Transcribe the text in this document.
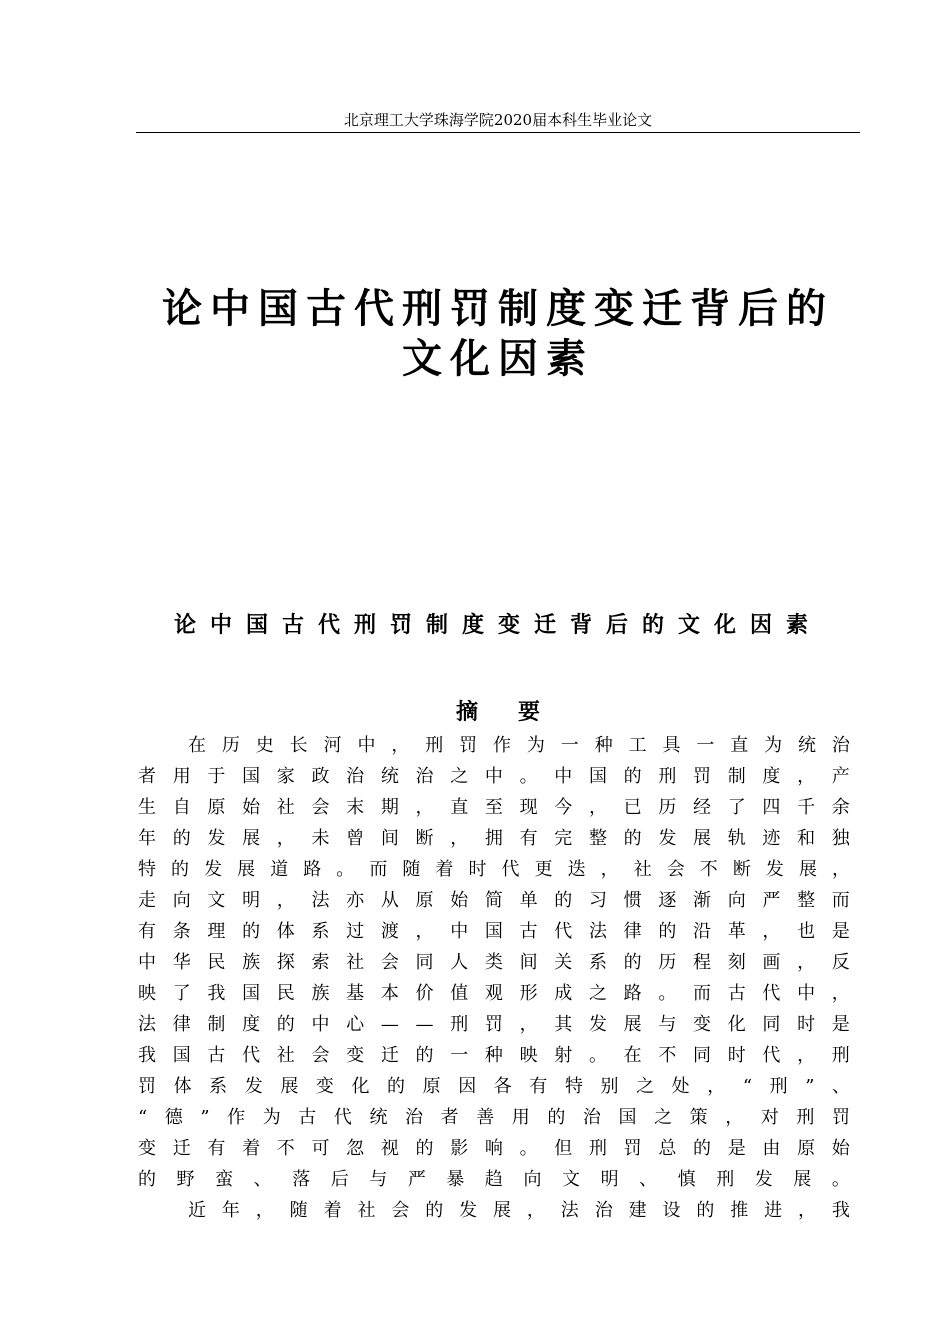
北京理工大学珠海学院2020届本科生毕业论文
论中国古代刑罚制度变迁背后的
文化因素
论中国古代刑罚制度变迁背后的文化因素
摘要
在 历 史 长 河 中 ， 刑 罚 作 为 一 种 工 具 一 直 为 统 治
者 用 于 国 家 政 治 统 治 之 中 。 中 国 的 刑 罚 制 度 ， 产
生 自 原 始 社 会 末 期 ， 直 至 现 今 ， 已 历 经 了 四 千 余
年 的 发 展 ， 未 曾 间 断 ， 拥 有 完 整 的 发 展 轨 迹 和 独
特 的 发 展 道 路 。 而 随 着 时 代 更 迭 ， 社 会 不 断 发 展 ，
走 向 文 明 ， 法 亦 从 原 始 简 单 的 习 惯 逐 渐 向 严 整 而
有 条 理 的 体 系 过 渡 ， 中 国 古 代 法 律 的 沿 革 ， 也 是
中 华 民 族 探 索 社 会 同 人 类 间 关 系 的 历 程 刻 画 ， 反
映 了 我 国 民 族 基 本 价 值 观 形 成 之 路 。 而 古 代 中 ，
法 律 制 度 的 中 心 — — 刑 罚 ， 其 发 展 与 变 化 同 时 是
我 国 古 代 社 会 变 迁 的 一 种 映 射 。 在 不 同 时 代 ， 刑
罚 体 系 发 展 变 化 的 原 因 各 有 特 别 之 处 ， “ 刑 ” 、
“ 德 ” 作 为 古 代 统 治 者 善 用 的 治 国 之 策 ， 对 刑 罚
变 迁 有 着 不 可 忽 视 的 影 响 。 但 刑 罚 总 的 是 由 原 始
的 野 蛮 、 落 后 与 严 暴 趋 向 文 明 、 慎 刑 发 展 。
近 年 ， 随 着 社 会 的 发 展 ， 法 治 建 设 的 推 进 ， 我
